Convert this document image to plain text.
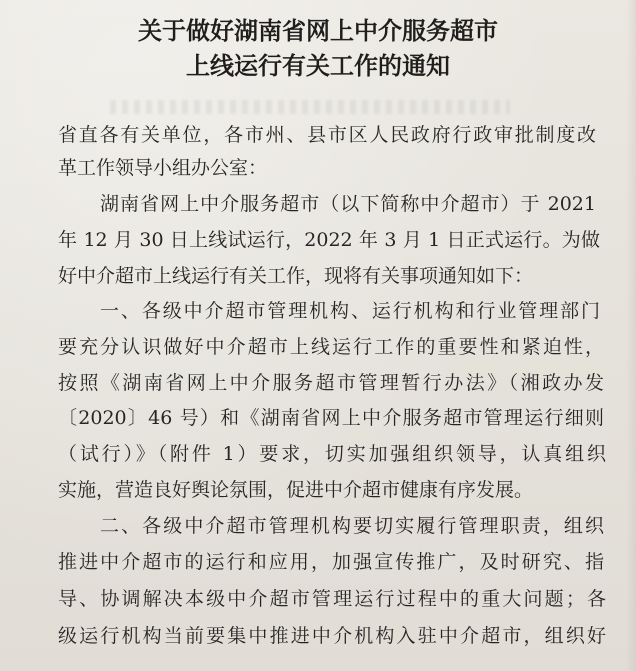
关于做好湖南省网上中介服务超市
上线运行有关工作的通知
省直各有关单位，各市州、县市区人民政府行政审批制度改
革工作领导小组办公室：
湖南省网上中介服务超市（以下简称中介超市）于 2021
年 12 月 30 日上线试运行，2022 年 3 月 1 日正式运行。为做
好中介超市上线运行有关工作，现将有关事项通知如下：
一、各级中介超市管理机构、运行机构和行业管理部门
要充分认识做好中介超市上线运行工作的重要性和紧迫性，
按照《湖南省网上中介服务超市管理暂行办法》（湘政办发
〔2020〕46 号）和《湖南省网上中介服务超市管理运行细则
（试行）》（附件 1）要求，切实加强组织领导，认真组织
实施，营造良好舆论氛围，促进中介超市健康有序发展。
二、各级中介超市管理机构要切实履行管理职责，组织
推进中介超市的运行和应用，加强宣传推广，及时研究、指
导、协调解决本级中介超市管理运行过程中的重大问题；各
级运行机构当前要集中推进中介机构入驻中介超市，组织好
